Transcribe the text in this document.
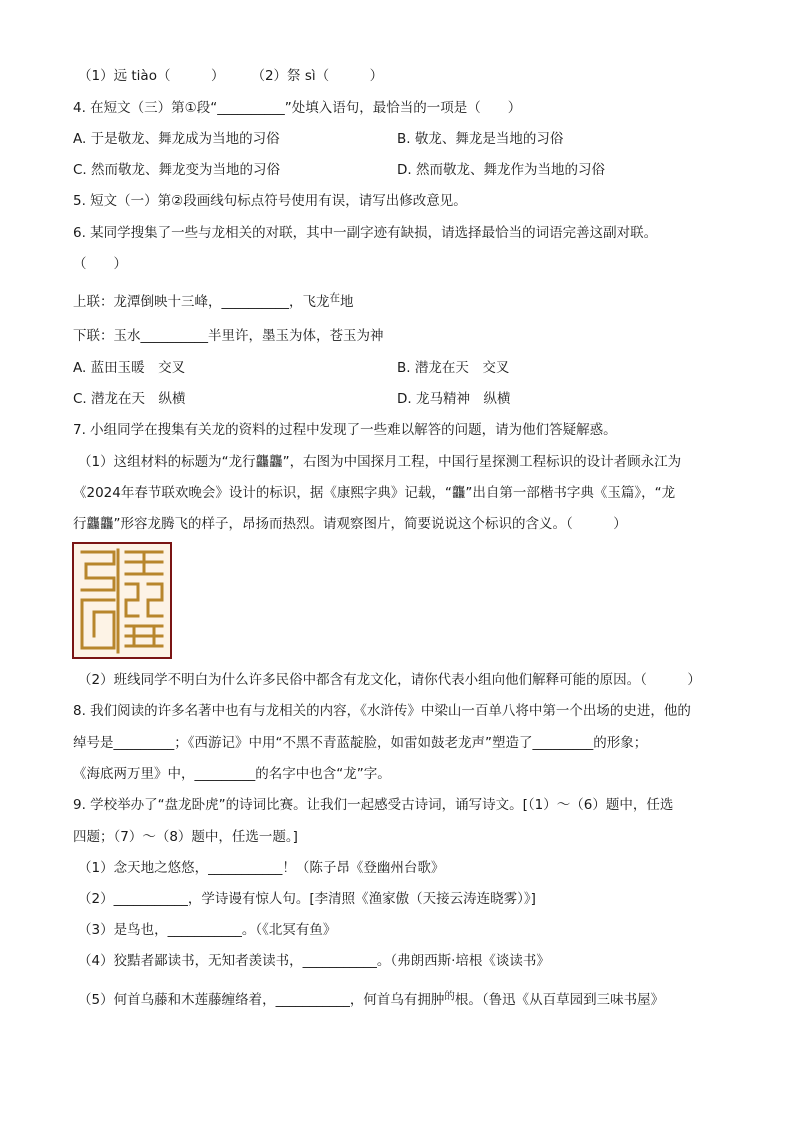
（1）远 tiào（　　　）　　　（2）祭 sì（　　　）
4. 在短文（三）第①段“__________”处填入语句，最恰当的一项是（　　）
A. 于是敬龙、舞龙成为当地的习俗	B. 敬龙、舞龙是当地的习俗
C. 然而敬龙、舞龙变为当地的习俗	D. 然而敬龙、舞龙作为当地的习俗
5. 短文（一）第②段画线句标点符号使用有误，请写出修改意见。
6. 某同学搜集了一些与龙相关的对联，其中一副字迹有缺损，请选择最恰当的词语完善这副对联。
（　　）
上联：龙潭倒映十三峰，__________，飞龙$^在$地
下联：玉水__________半里许，墨玉为体，苍玉为神
A. 蓝田玉暖　交叉	B. 潜龙在天　交叉
C. 潜龙在天　纵横	D. 龙马精神　纵横
7. 小组同学在搜集有关龙的资料的过程中发现了一些难以解答的问题，请为他们答疑解惑。
（1）这组材料的标题为“龙行龘龘”，右图为中国探月工程，中国行星探测工程标识的设计者顾永江为
《2024年春节联欢晚会》设计的标识，据《康熙字典》记载，“龘”出自第一部楷书字典《玉篇》，“龙
行龘龘”形容龙腾飞的样子，昂扬而热烈。请观察图片，简要说说这个标识的含义。（　　　）
（2）班线同学不明白为什么许多民俗中都含有龙文化，请你代表小组向他们解释可能的原因。（　　　）
8. 我们阅读的许多名著中也有与龙相关的内容，《水浒传》中梁山一百单八将中第一个出场的史进，他的
绰号是_________；《西游记》中用“不黑不青蓝靛脸，如雷如鼓老龙声”塑造了_________的形象；
《海底两万里》中，_________的名字中也含“龙”字。
9. 学校举办了“盘龙卧虎”的诗词比赛。让我们一起感受古诗词，诵写诗文。[（1）～（6）题中，任选
四题；（7）～（8）题中，任选一题。]
（1）念天地之悠悠，___________！（陈子昂《登幽州台歌》
（2）___________，学诗谩有惊人句。[李清照《渔家傲（天接云涛连晓雾）》]
（3）是鸟也，___________。（《北冥有鱼》
（4）狡黠者鄙读书，无知者羡读书，___________。（弗朗西斯·培根《谈读书》
（5）何首乌藤和木莲藤缠络着，___________，何首乌有拥肿$^的$根。（鲁迅《从百草园到三味书屋》
